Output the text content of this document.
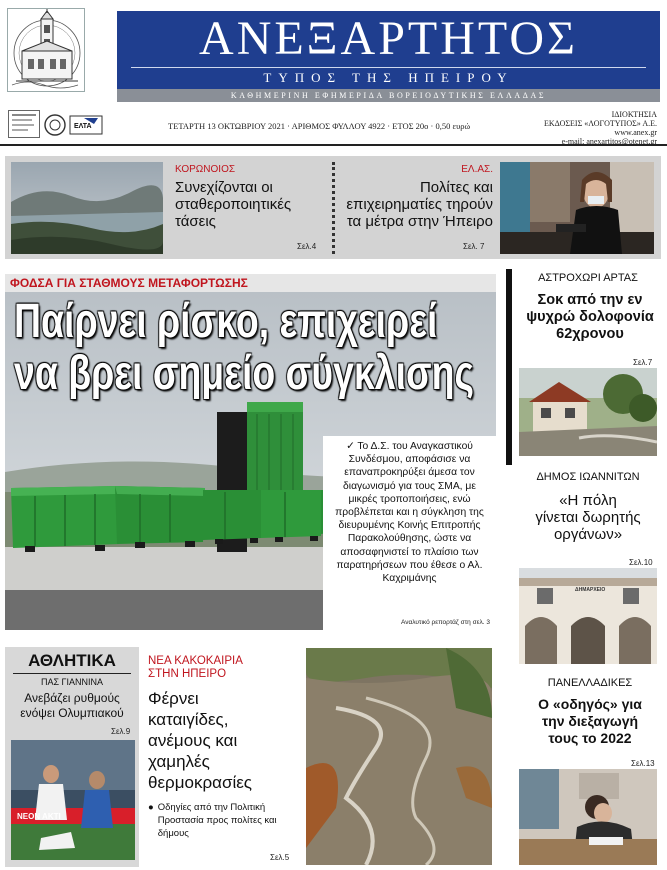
ΑΝΕΞΑΡΤΗΤΟΣ
ΤΥΠΟΣ ΤΗΣ ΗΠΕΙΡΟΥ
ΚΑΘΗΜΕΡΙΝΗ ΕΦΗΜΕΡΙΔΑ ΒΟΡΕΙΟΔΥΤΙΚΗΣ ΕΛΛΑΔΑΣ
ΕΛΤΑ	ΤΕΤΑΡΤΗ 13 ΟΚΤΩΒΡΙΟΥ 2021 · ΑΡΙΘΜΟΣ ΦΥΛΛΟΥ 4922 · ΕΤΟΣ 20ο · 0,50 ευρώ
ΙΔΙΟΚΤΗΣΙΑ
ΕΚΔΟΣΕΙΣ «ΛΟΓΟΤΥΠΟΣ» Α.Ε.
www.anex.gr
e-mail: anexartitos@otenet.gr
ΚΟΡΩΝΟΙΟΣ
Συνεχίζονται οι
σταθεροποιητικές
τάσεις
Σελ.4
ΕΛ.ΑΣ.
Πολίτες και
επιχειρηματίες τηρούν
τα μέτρα στην Ήπειρο
Σελ. 7
ΦΟΔΣΑ ΓΙΑ ΣΤΑΘΜΟΥΣ ΜΕΤΑΦΟΡΤΩΣΗΣ
Παίρνει ρίσκο, επιχειρεί
να βρει σημείο σύγκλισης
✓ Το Δ.Σ. του Αναγκαστικού Συνδέσμου, αποφάσισε να επαναπροκηρύξει άμεσα τον διαγωνισμό για τους ΣΜΑ, με μικρές τροποποιήσεις, ενώ προβλέπεται και η σύγκληση της διευρυμένης Κοινής Επιτροπής Παρακολούθησης, ώστε να αποσαφηνιστεί το πλαίσιο των παρατηρήσεων που έθεσε ο Αλ. Καχριμάνης
Αναλυτικό ρεπορτάζ στη σελ. 3
ΑΣΤΡΟΧΩΡΙ ΑΡΤΑΣ
Σοκ από την εν
ψυχρώ δολοφονία
62χρονου
Σελ.7
ΔΗΜΟΣ ΙΩΑΝΝΙΤΩΝ
«Η πόλη
γίνεται δωρητής
οργάνων»
Σελ.10
ΔΗΜΑΡΧΕΙΟ
ΠΑΝΕΛΛΑΔΙΚΕΣ
Ο «οδηγός» για
την διεξαγωγή
τους το 2022
Σελ.13
ΑΘΛΗΤΙΚΑ
ΠΑΣ ΓΙΑΝΝΙΝΑ
Ανεβάζει ρυθμούς
ενόψει Ολυμπιακού
Σελ.9
NEON AKTI
ΝΕΑ ΚΑΚΟΚΑΙΡΙΑ
ΣΤΗΝ ΗΠΕΙΡΟ
Φέρνει
καταιγίδες,
ανέμους και
χαμηλές
θερμοκρασίες
● Οδηγίες από την Πολιτική Προστασία προς πολίτες και δήμους
Σελ.5
